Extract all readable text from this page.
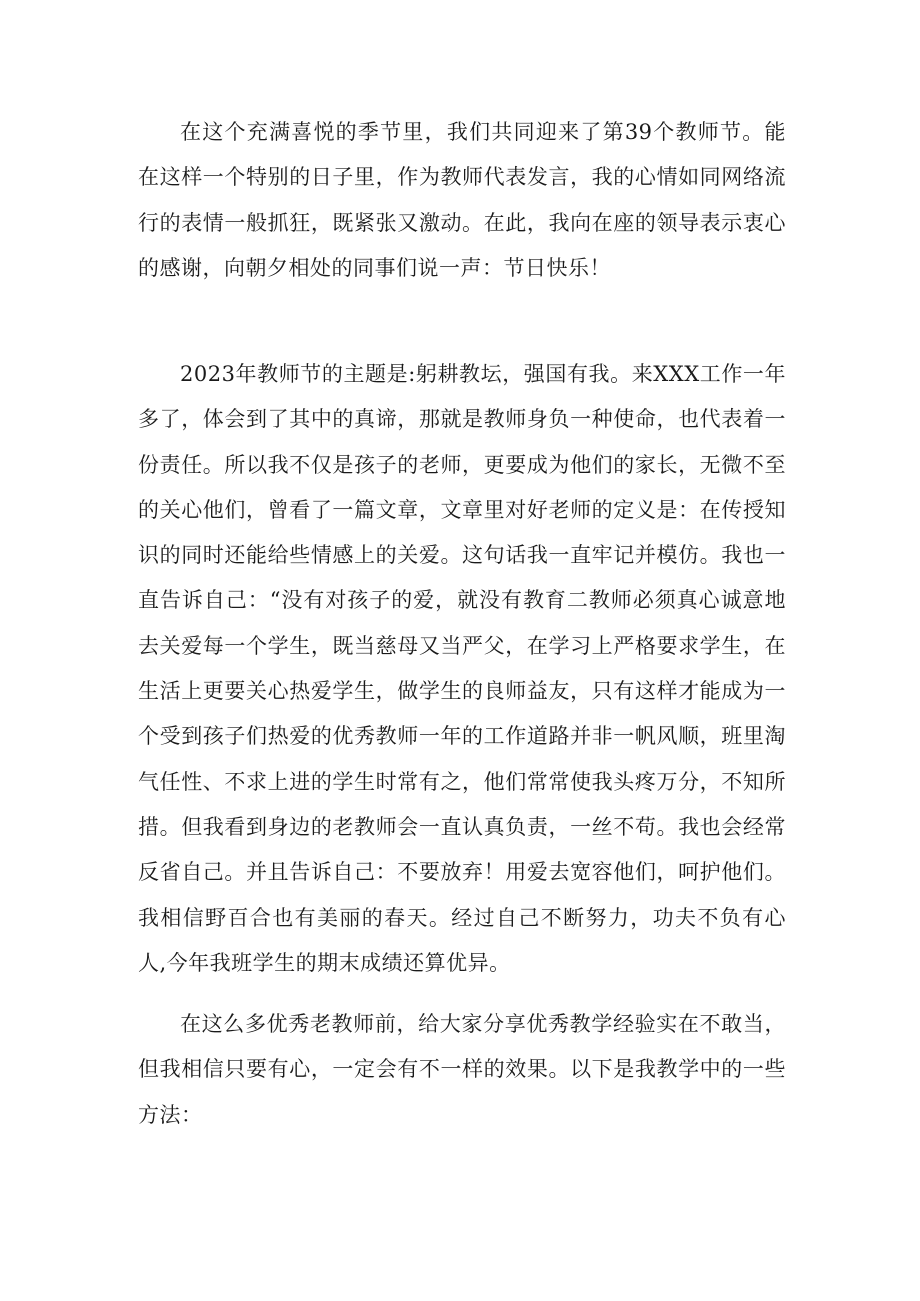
在这个充满喜悦的季节里，我们共同迎来了第39个教师节。能在这样一个特别的日子里，作为教师代表发言，我的心情如同网络流行的表情一般抓狂，既紧张又激动。在此，我向在座的领导表示衷心的感谢，向朝夕相处的同事们说一声：节日快乐！

2023年教师节的主题是:躬耕教坛，强国有我。来XXX工作一年多了，体会到了其中的真谛，那就是教师身负一种使命，也代表着一份责任。所以我不仅是孩子的老师，更要成为他们的家长，无微不至的关心他们，曾看了一篇文章，文章里对好老师的定义是：在传授知识的同时还能给些情感上的关爱。这句话我一直牢记并模仿。我也一直告诉自己：“没有对孩子的爱，就没有教育二教师必须真心诚意地去关爱每一个学生，既当慈母又当严父，在学习上严格要求学生，在生活上更要关心热爱学生，做学生的良师益友，只有这样才能成为一个受到孩子们热爱的优秀教师一年的工作道路并非一帆风顺，班里淘气任性、不求上进的学生时常有之，他们常常使我头疼万分，不知所措。但我看到身边的老教师会一直认真负责，一丝不苟。我也会经常反省自己。并且告诉自己：不要放弃！用爱去宽容他们，呵护他们。我相信野百合也有美丽的春天。经过自己不断努力，功夫不负有心人,今年我班学生的期末成绩还算优异。

在这么多优秀老教师前，给大家分享优秀教学经验实在不敢当，但我相信只要有心，一定会有不一样的效果。以下是我教学中的一些方法：
